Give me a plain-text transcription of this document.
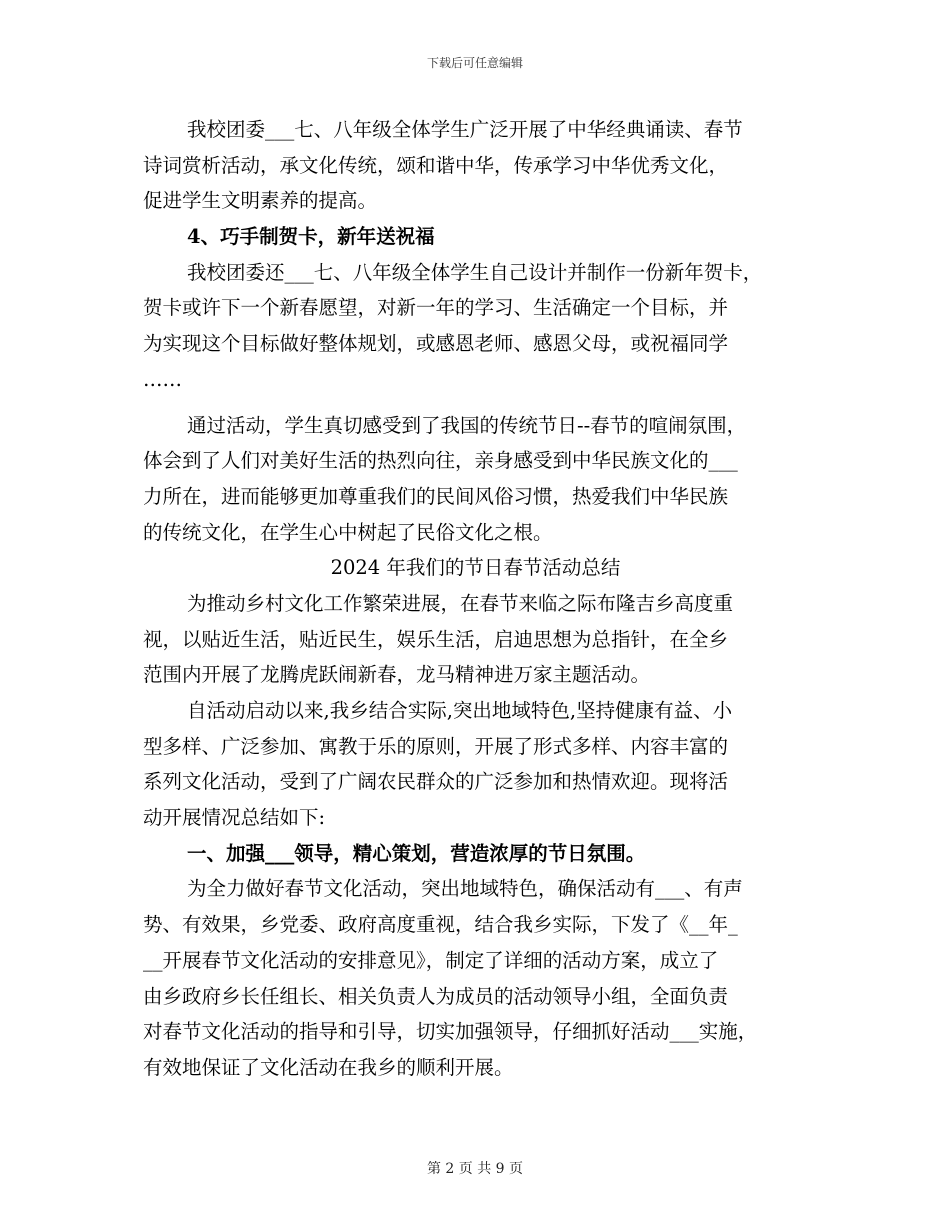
下载后可任意编辑
我校团委___七、八年级全体学生广泛开展了中华经典诵读、春节
诗词赏析活动，承文化传统，颂和谐中华，传承学习中华优秀文化，
促进学生文明素养的提高。
4、巧手制贺卡，新年送祝福
我校团委还___七、八年级全体学生自己设计并制作一份新年贺卡，
贺卡或许下一个新春愿望，对新一年的学习、生活确定一个目标，并
为实现这个目标做好整体规划，或感恩老师、感恩父母，或祝福同学
……
通过活动，学生真切感受到了我国的传统节日--春节的喧闹氛围，
体会到了人们对美好生活的热烈向往，亲身感受到中华民族文化的___
力所在，进而能够更加尊重我们的民间风俗习惯，热爱我们中华民族
的传统文化，在学生心中树起了民俗文化之根。
2024 年我们的节日春节活动总结
为推动乡村文化工作繁荣进展，在春节来临之际布隆吉乡高度重
视，以贴近生活，贴近民生，娱乐生活，启迪思想为总指针，在全乡
范围内开展了龙腾虎跃闹新春，龙马精神进万家主题活动。
自活动启动以来,我乡结合实际,突出地域特色,坚持健康有益、小
型多样、广泛参加、寓教于乐的原则，开展了形式多样、内容丰富的
系列文化活动，受到了广阔农民群众的广泛参加和热情欢迎。现将活
动开展情况总结如下:
一、加强___领导，精心策划，营造浓厚的节日氛围。
为全力做好春节文化活动，突出地域特色，确保活动有___、有声
势、有效果，乡党委、政府高度重视，结合我乡实际，下发了《__年_
__开展春节文化活动的安排意见》，制定了详细的活动方案，成立了
由乡政府乡长任组长、相关负责人为成员的活动领导小组，全面负责
对春节文化活动的指导和引导，切实加强领导，仔细抓好活动___实施，
有效地保证了文化活动在我乡的顺利开展。
第 2 页 共 9 页
